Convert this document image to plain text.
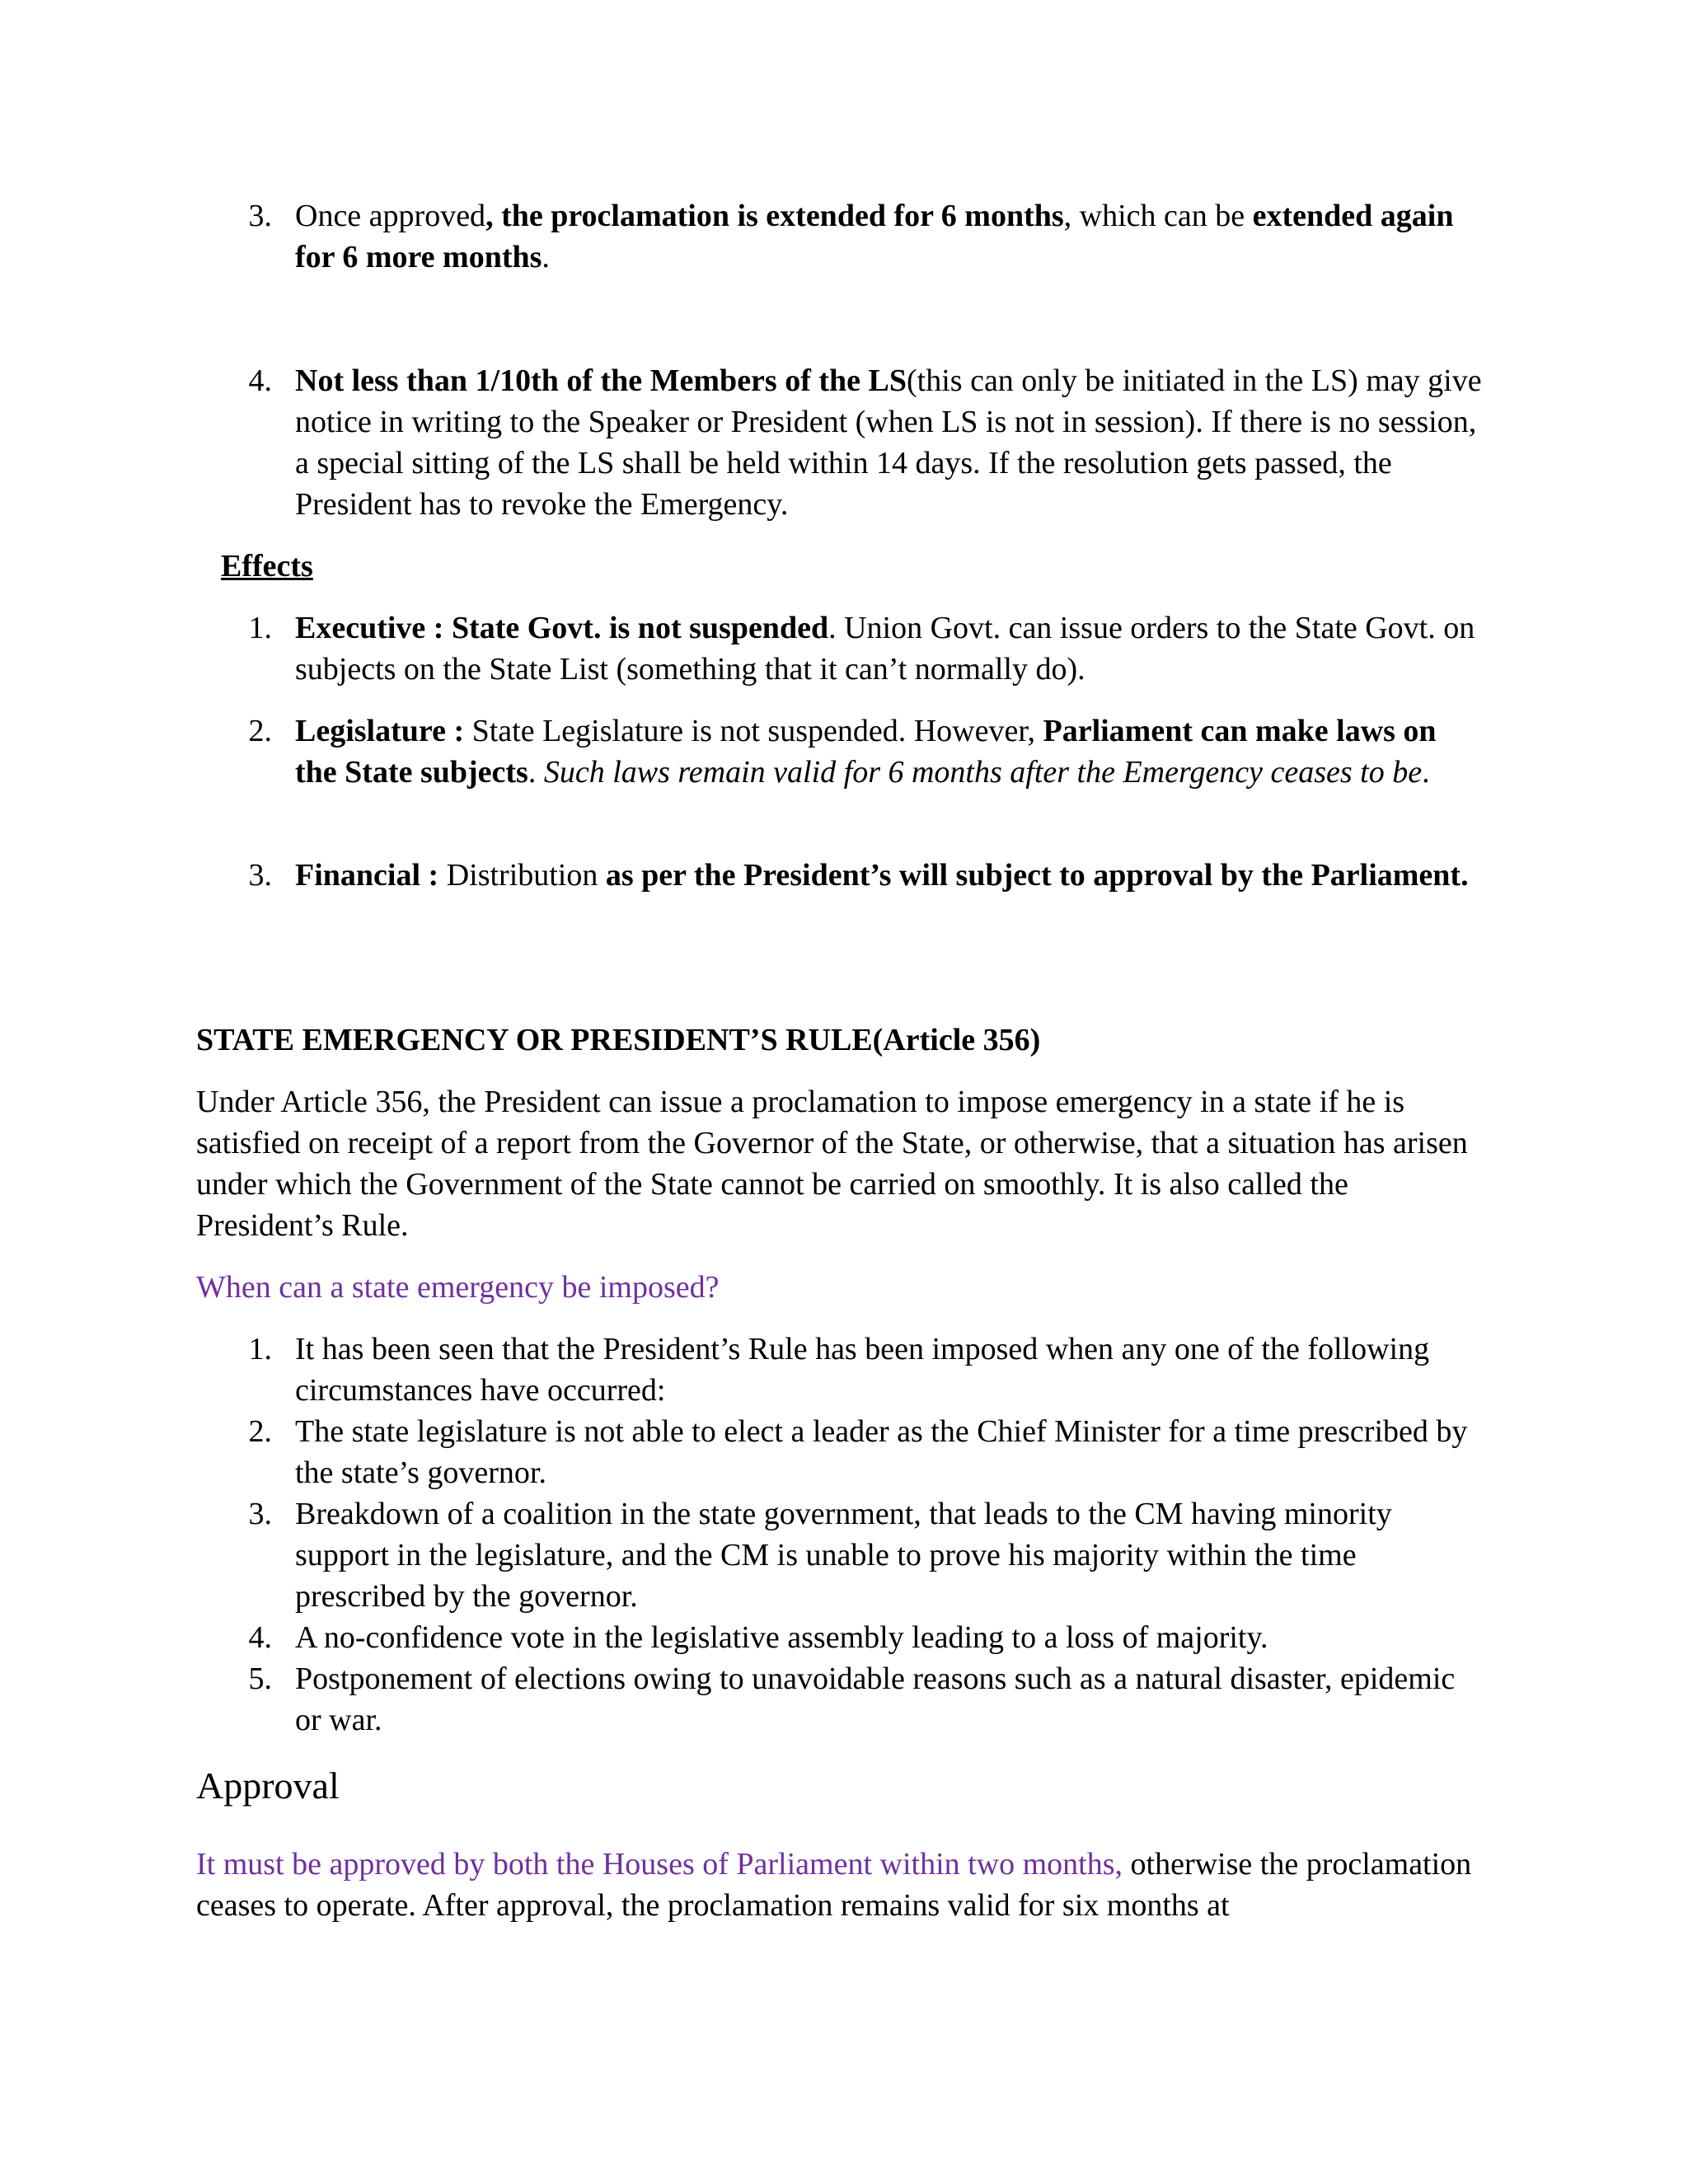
3. Once approved, the proclamation is extended for 6 months, which can be extended again for 6 more months.
4. Not less than 1/10th of the Members of the LS(this can only be initiated in the LS) may give notice in writing to the Speaker or President (when LS is not in session). If there is no session, a special sitting of the LS shall be held within 14 days. If the resolution gets passed, the President has to revoke the Emergency.
Effects
1. Executive : State Govt. is not suspended. Union Govt. can issue orders to the State Govt. on subjects on the State List (something that it can’t normally do).
2. Legislature : State Legislature is not suspended. However, Parliament can make laws on the State subjects. Such laws remain valid for 6 months after the Emergency ceases to be.
3. Financial : Distribution as per the President’s will subject to approval by the Parliament.
STATE EMERGENCY OR PRESIDENT’S RULE(Article 356)
Under Article 356, the President can issue a proclamation to impose emergency in a state if he is satisfied on receipt of a report from the Governor of the State, or otherwise, that a situation has arisen under which the Government of the State cannot be carried on smoothly. It is also called the President’s Rule.
When can a state emergency be imposed?
1. It has been seen that the President’s Rule has been imposed when any one of the following circumstances have occurred:
2. The state legislature is not able to elect a leader as the Chief Minister for a time prescribed by the state’s governor.
3. Breakdown of a coalition in the state government, that leads to the CM having minority support in the legislature, and the CM is unable to prove his majority within the time prescribed by the governor.
4. A no-confidence vote in the legislative assembly leading to a loss of majority.
5. Postponement of elections owing to unavoidable reasons such as a natural disaster, epidemic or war.
Approval
It must be approved by both the Houses of Parliament within two months, otherwise the proclamation ceases to operate. After approval, the proclamation remains valid for six months at
